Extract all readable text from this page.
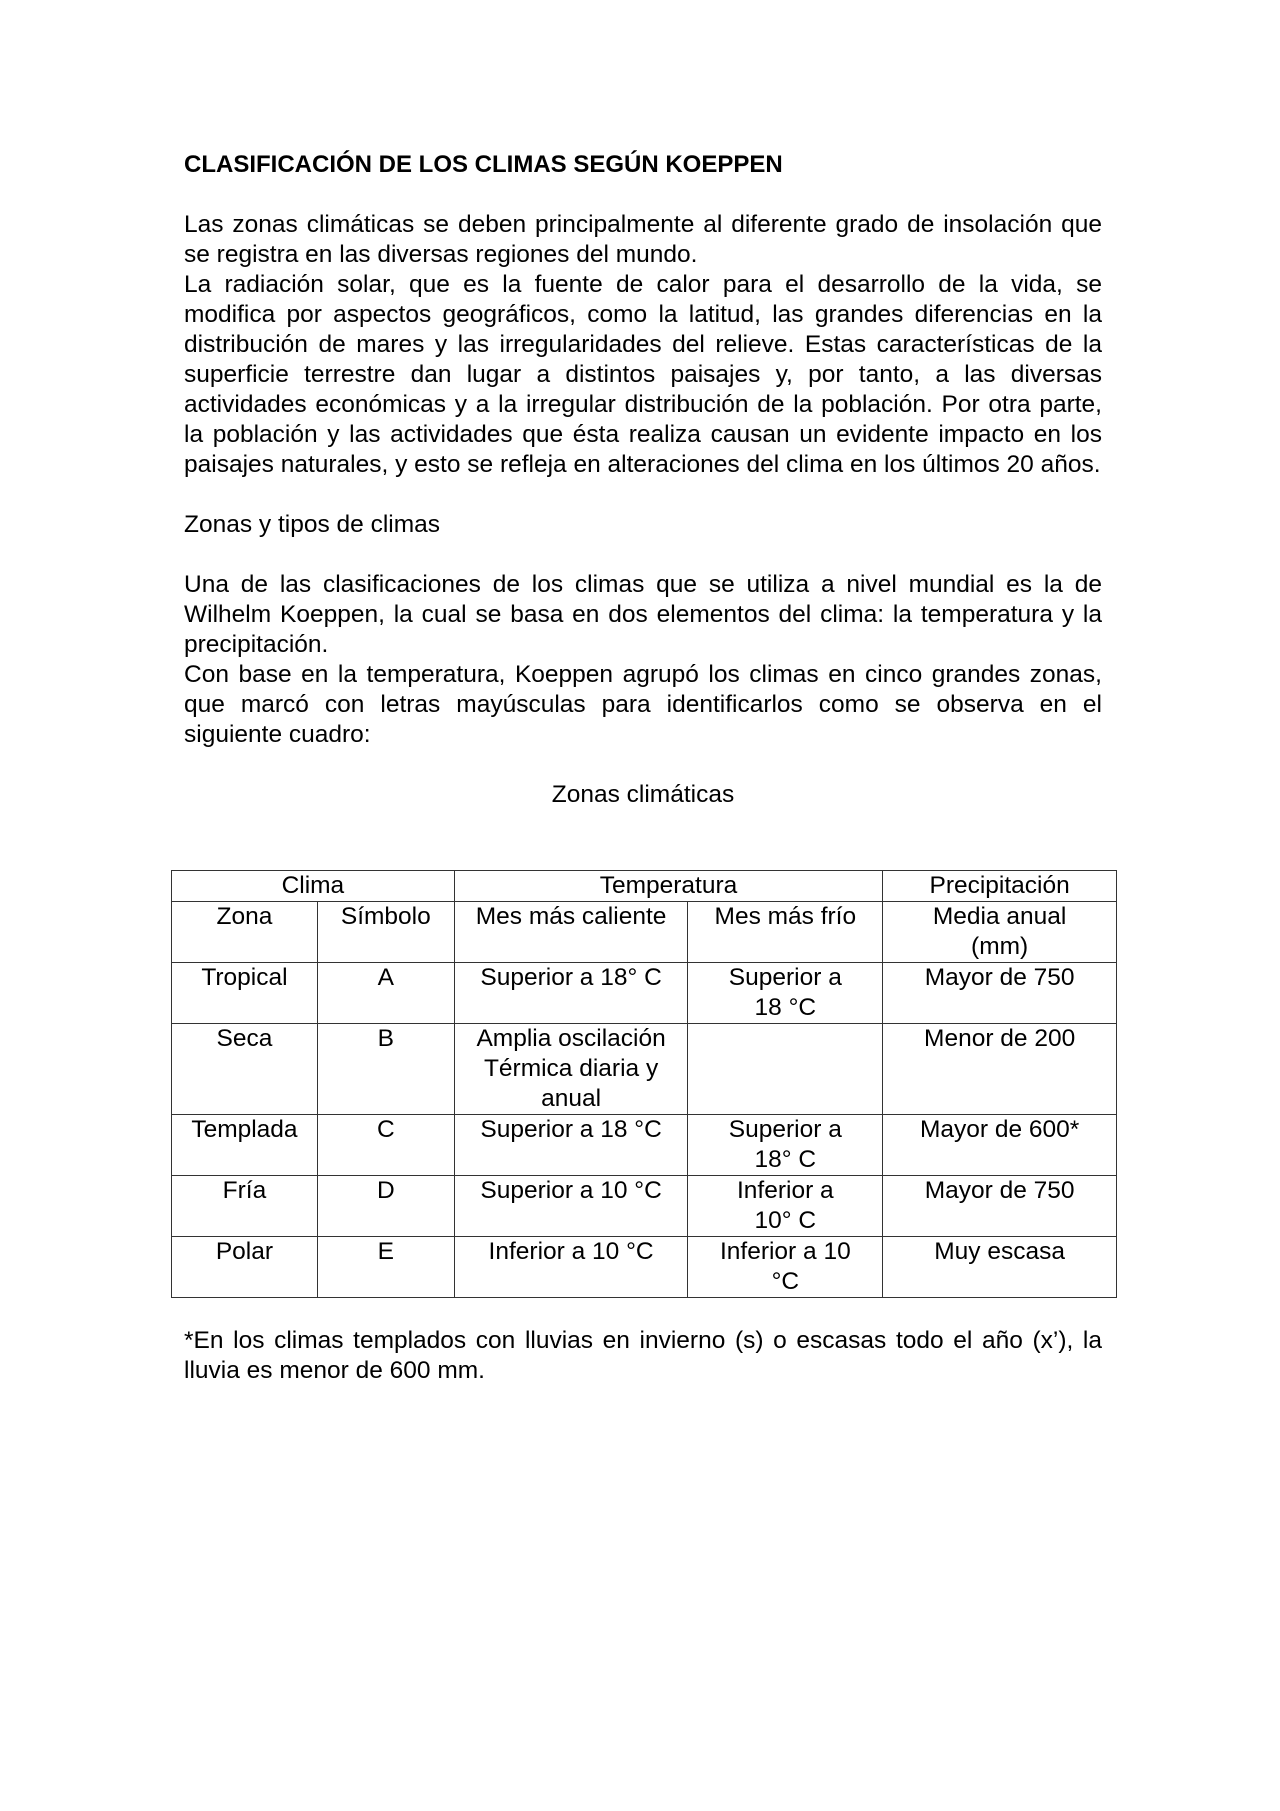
CLASIFICACIÓN DE LOS CLIMAS SEGÚN KOEPPEN

Las zonas climáticas se deben principalmente al diferente grado de insolación que se registra en las diversas regiones del mundo.

La radiación solar, que es la fuente de calor para el desarrollo de la vida, se modifica por aspectos geográficos, como la latitud, las grandes diferencias en la distribución de mares y las irregularidades del relieve. Estas características de la superficie terrestre dan lugar a distintos paisajes y, por tanto, a las diversas actividades económicas y a la irregular distribución de la población. Por otra parte, la población y las actividades que ésta realiza causan un evidente impacto en los paisajes naturales, y esto se refleja en alteraciones del clima en los últimos 20 años.

Zonas y tipos de climas

Una de las clasificaciones de los climas que se utiliza a nivel mundial es la de Wilhelm Koeppen, la cual se basa en dos elementos del clima: la temperatura y la precipitación.

Con base en la temperatura, Koeppen agrupó los climas en cinco grandes zonas, que marcó con letras mayúsculas para identificarlos como se observa en el siguiente cuadro:

Zonas climáticas

Clima		Temperatura		Precipitación
Zona	Símbolo	Mes más caliente	Mes más frío	Media anual (mm)
Tropical	A	Superior a 18° C	Superior a 18 °C	Mayor de 750
Seca	B	Amplia oscilación Térmica diaria y anual		Menor de 200
Templada	C	Superior a 18 °C	Superior a 18° C	Mayor de 600*
Fría	D	Superior a 10 °C	Inferior a 10° C	Mayor de 750
Polar	E	Inferior a 10 °C	Inferior a 10 °C	Muy escasa

*En los climas templados con lluvias en invierno (s) o escasas todo el año (x’), la lluvia es menor de 600 mm.
